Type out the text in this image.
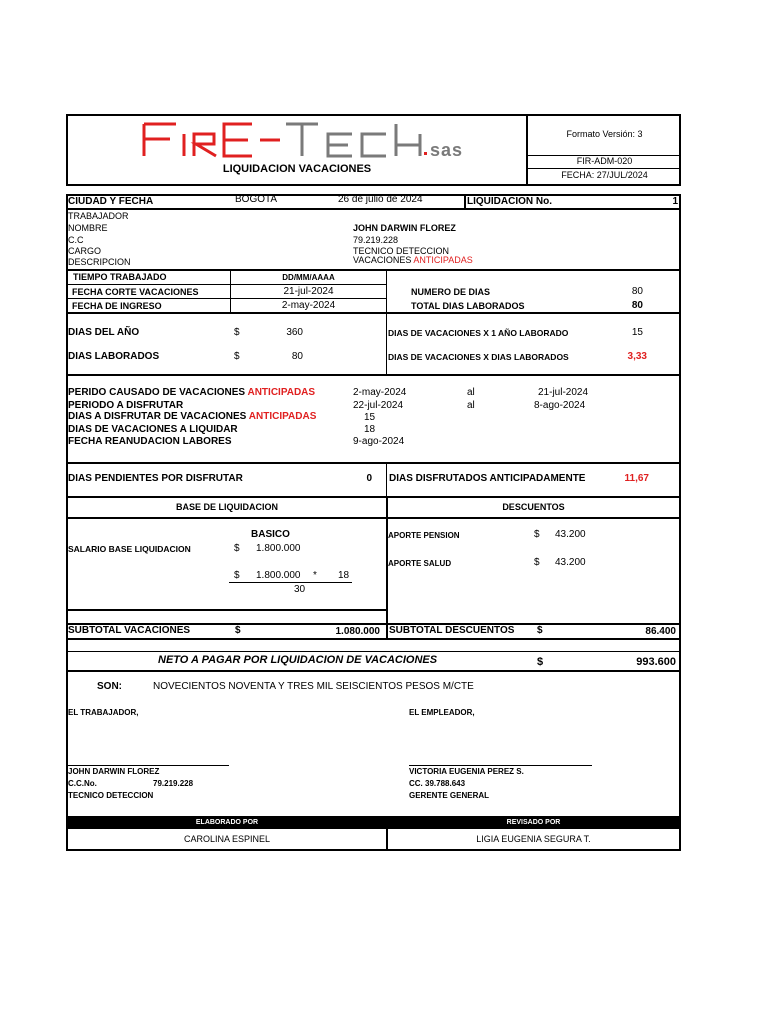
sas
LIQUIDACION VACACIONES
Formato Versión: 3
FIR-ADM-020
FECHA: 27/JUL/2024
CIUDAD Y FECHA	BOGOTA	26 de julio de 2024	LIQUIDACION No.	1
TRABAJADOR
NOMBRE	JOHN DARWIN FLOREZ
C.C	79.219.228
CARGO	TECNICO DETECCION
DESCRIPCION	VACACIONES ANTICIPADAS
TIEMPO TRABAJADO	DD/MM/AAAA
FECHA CORTE VACACIONES	21-jul-2024
FECHA DE INGRESO	2-may-2024
NUMERO DE DIAS	80
TOTAL DIAS LABORADOS	80
DIAS DEL AÑO	$	360
DIAS LABORADOS	$	80
DIAS DE VACACIONES X 1 AÑO LABORADO	15
DIAS DE VACACIONES X DIAS LABORADOS	3,33
PERIDO CAUSADO DE VACACIONES ANTICIPADAS	2-may-2024	al	21-jul-2024
PERIODO A DISFRUTAR	22-jul-2024	al	8-ago-2024
DIAS A DISFRUTAR DE VACACIONES ANTICIPADAS	15
DIAS DE VACACIONES A LIQUIDAR	18
FECHA REANUDACION LABORES	9-ago-2024
DIAS PENDIENTES POR DISFRUTAR	0 DIAS DISFRUTADOS ANTICIPADAMENTE	11,67
BASE DE LIQUIDACION	DESCUENTOS
BASICO
SALARIO BASE LIQUIDACION	$ 1.800.000
$ 1.800.000 * 18
30
APORTE PENSION	$ 43.200
APORTE SALUD	$ 43.200
SUBTOTAL VACACIONES	$	1.080.000 SUBTOTAL DESCUENTOS $	86.400
NETO A PAGAR POR LIQUIDACION DE VACACIONES	$	993.600
SON:	NOVECIENTOS NOVENTA Y TRES MIL SEISCIENTOS PESOS M/CTE
EL TRABAJADOR,	EL EMPLEADOR,
JOHN DARWIN FLOREZ
C.C.No.	79.219.228
TECNICO DETECCION
VICTORIA EUGENIA PEREZ S.
CC. 39.788.643
GERENTE GENERAL
ELABORADO POR	REVISADO POR
CAROLINA ESPINEL	LIGIA EUGENIA SEGURA T.
